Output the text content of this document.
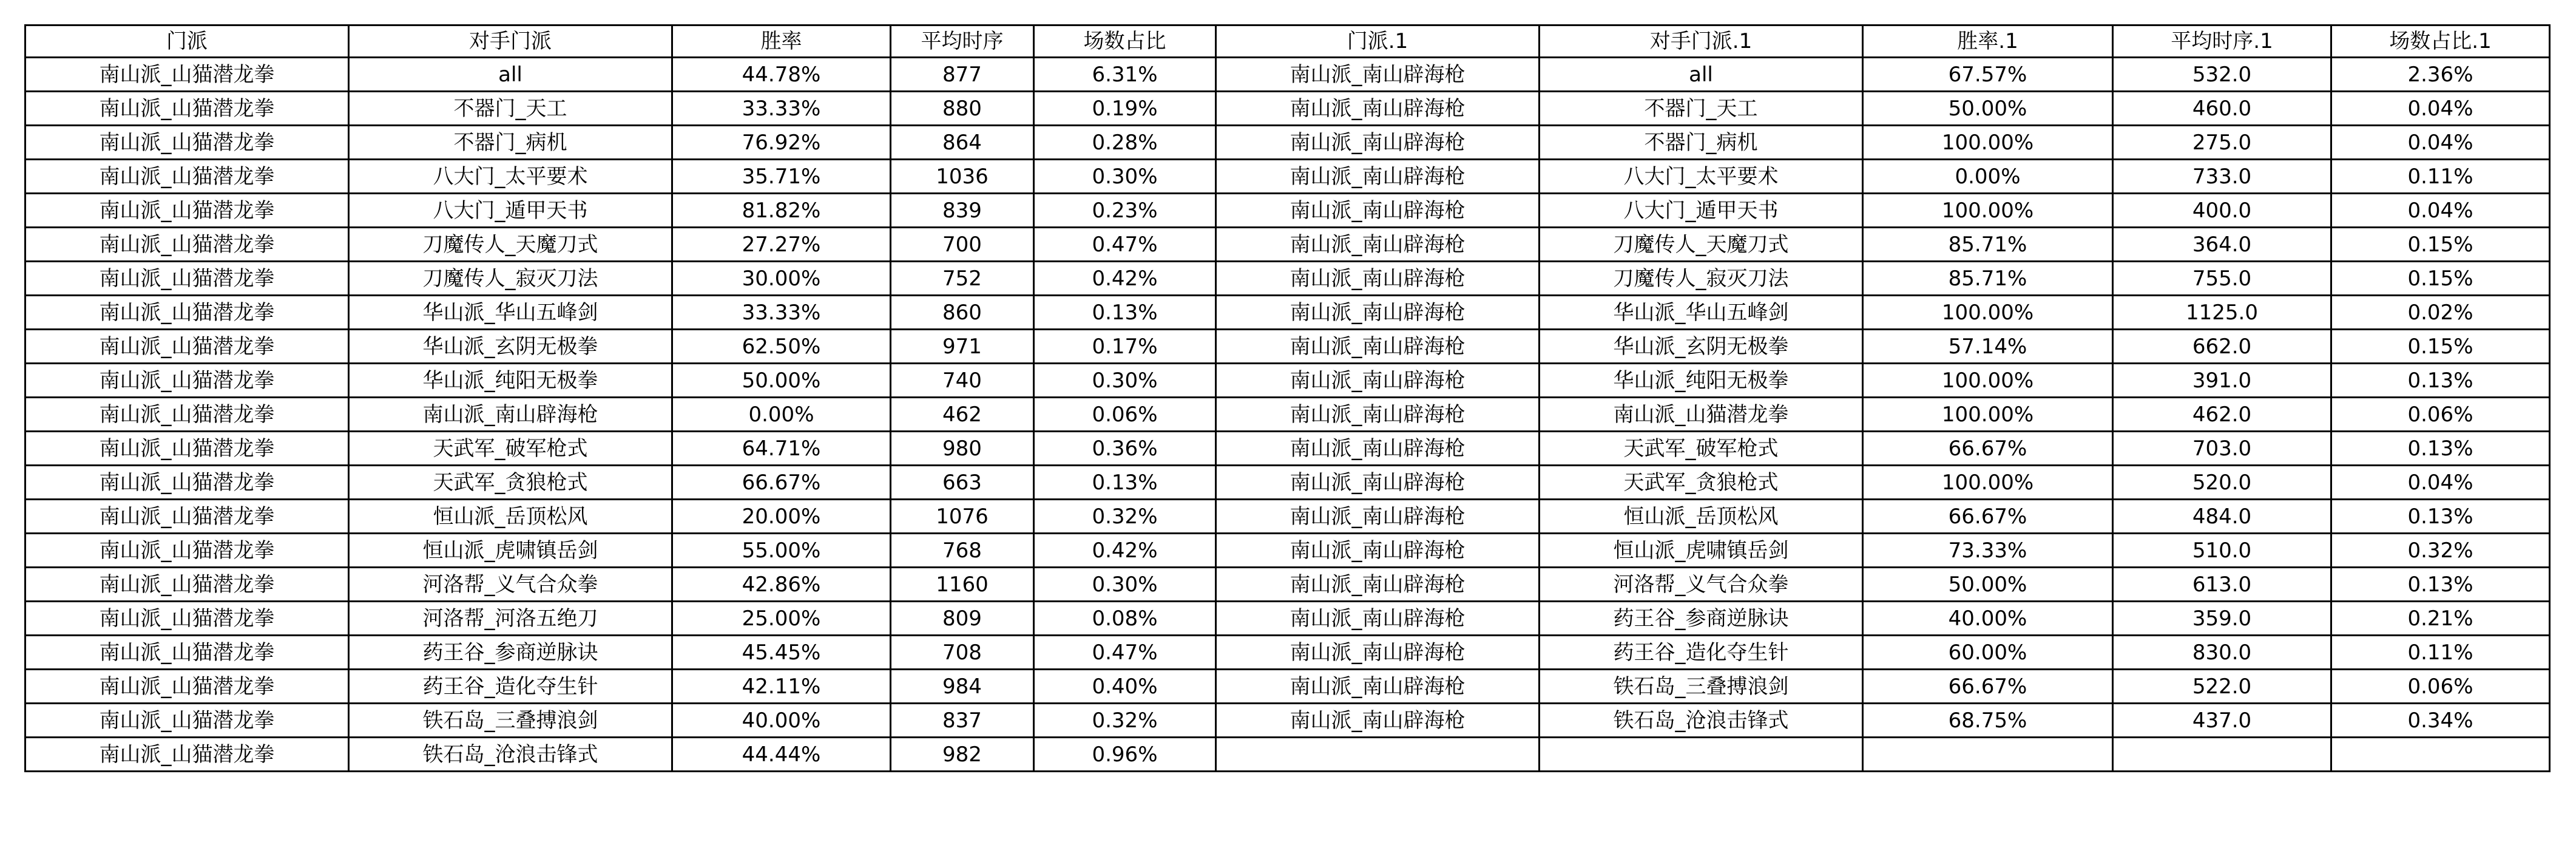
门派	对手门派	胜率	平均时序	场数占比	门派.1	对手门派.1	胜率.1	平均时序.1	场数占比.1
南山派_山猫潜龙拳	all	44.78%	877	6.31%	南山派_南山辟海枪	all	67.57%	532.0	2.36%
南山派_山猫潜龙拳	不器门_天工	33.33%	880	0.19%	南山派_南山辟海枪	不器门_天工	50.00%	460.0	0.04%
南山派_山猫潜龙拳	不器门_病机	76.92%	864	0.28%	南山派_南山辟海枪	不器门_病机	100.00%	275.0	0.04%
南山派_山猫潜龙拳	八大门_太平要术	35.71%	1036	0.30%	南山派_南山辟海枪	八大门_太平要术	0.00%	733.0	0.11%
南山派_山猫潜龙拳	八大门_遁甲天书	81.82%	839	0.23%	南山派_南山辟海枪	八大门_遁甲天书	100.00%	400.0	0.04%
南山派_山猫潜龙拳	刀魔传人_天魔刀式	27.27%	700	0.47%	南山派_南山辟海枪	刀魔传人_天魔刀式	85.71%	364.0	0.15%
南山派_山猫潜龙拳	刀魔传人_寂灭刀法	30.00%	752	0.42%	南山派_南山辟海枪	刀魔传人_寂灭刀法	85.71%	755.0	0.15%
南山派_山猫潜龙拳	华山派_华山五峰剑	33.33%	860	0.13%	南山派_南山辟海枪	华山派_华山五峰剑	100.00%	1125.0	0.02%
南山派_山猫潜龙拳	华山派_玄阴无极拳	62.50%	971	0.17%	南山派_南山辟海枪	华山派_玄阴无极拳	57.14%	662.0	0.15%
南山派_山猫潜龙拳	华山派_纯阳无极拳	50.00%	740	0.30%	南山派_南山辟海枪	华山派_纯阳无极拳	100.00%	391.0	0.13%
南山派_山猫潜龙拳	南山派_南山辟海枪	0.00%	462	0.06%	南山派_南山辟海枪	南山派_山猫潜龙拳	100.00%	462.0	0.06%
南山派_山猫潜龙拳	天武军_破军枪式	64.71%	980	0.36%	南山派_南山辟海枪	天武军_破军枪式	66.67%	703.0	0.13%
南山派_山猫潜龙拳	天武军_贪狼枪式	66.67%	663	0.13%	南山派_南山辟海枪	天武军_贪狼枪式	100.00%	520.0	0.04%
南山派_山猫潜龙拳	恒山派_岳顶松风	20.00%	1076	0.32%	南山派_南山辟海枪	恒山派_岳顶松风	66.67%	484.0	0.13%
南山派_山猫潜龙拳	恒山派_虎啸镇岳剑	55.00%	768	0.42%	南山派_南山辟海枪	恒山派_虎啸镇岳剑	73.33%	510.0	0.32%
南山派_山猫潜龙拳	河洛帮_义气合众拳	42.86%	1160	0.30%	南山派_南山辟海枪	河洛帮_义气合众拳	50.00%	613.0	0.13%
南山派_山猫潜龙拳	河洛帮_河洛五绝刀	25.00%	809	0.08%	南山派_南山辟海枪	药王谷_参商逆脉诀	40.00%	359.0	0.21%
南山派_山猫潜龙拳	药王谷_参商逆脉诀	45.45%	708	0.47%	南山派_南山辟海枪	药王谷_造化夺生针	60.00%	830.0	0.11%
南山派_山猫潜龙拳	药王谷_造化夺生针	42.11%	984	0.40%	南山派_南山辟海枪	铁石岛_三叠搏浪剑	66.67%	522.0	0.06%
南山派_山猫潜龙拳	铁石岛_三叠搏浪剑	40.00%	837	0.32%	南山派_南山辟海枪	铁石岛_沧浪击锋式	68.75%	437.0	0.34%
南山派_山猫潜龙拳	铁石岛_沧浪击锋式	44.44%	982	0.96%					
